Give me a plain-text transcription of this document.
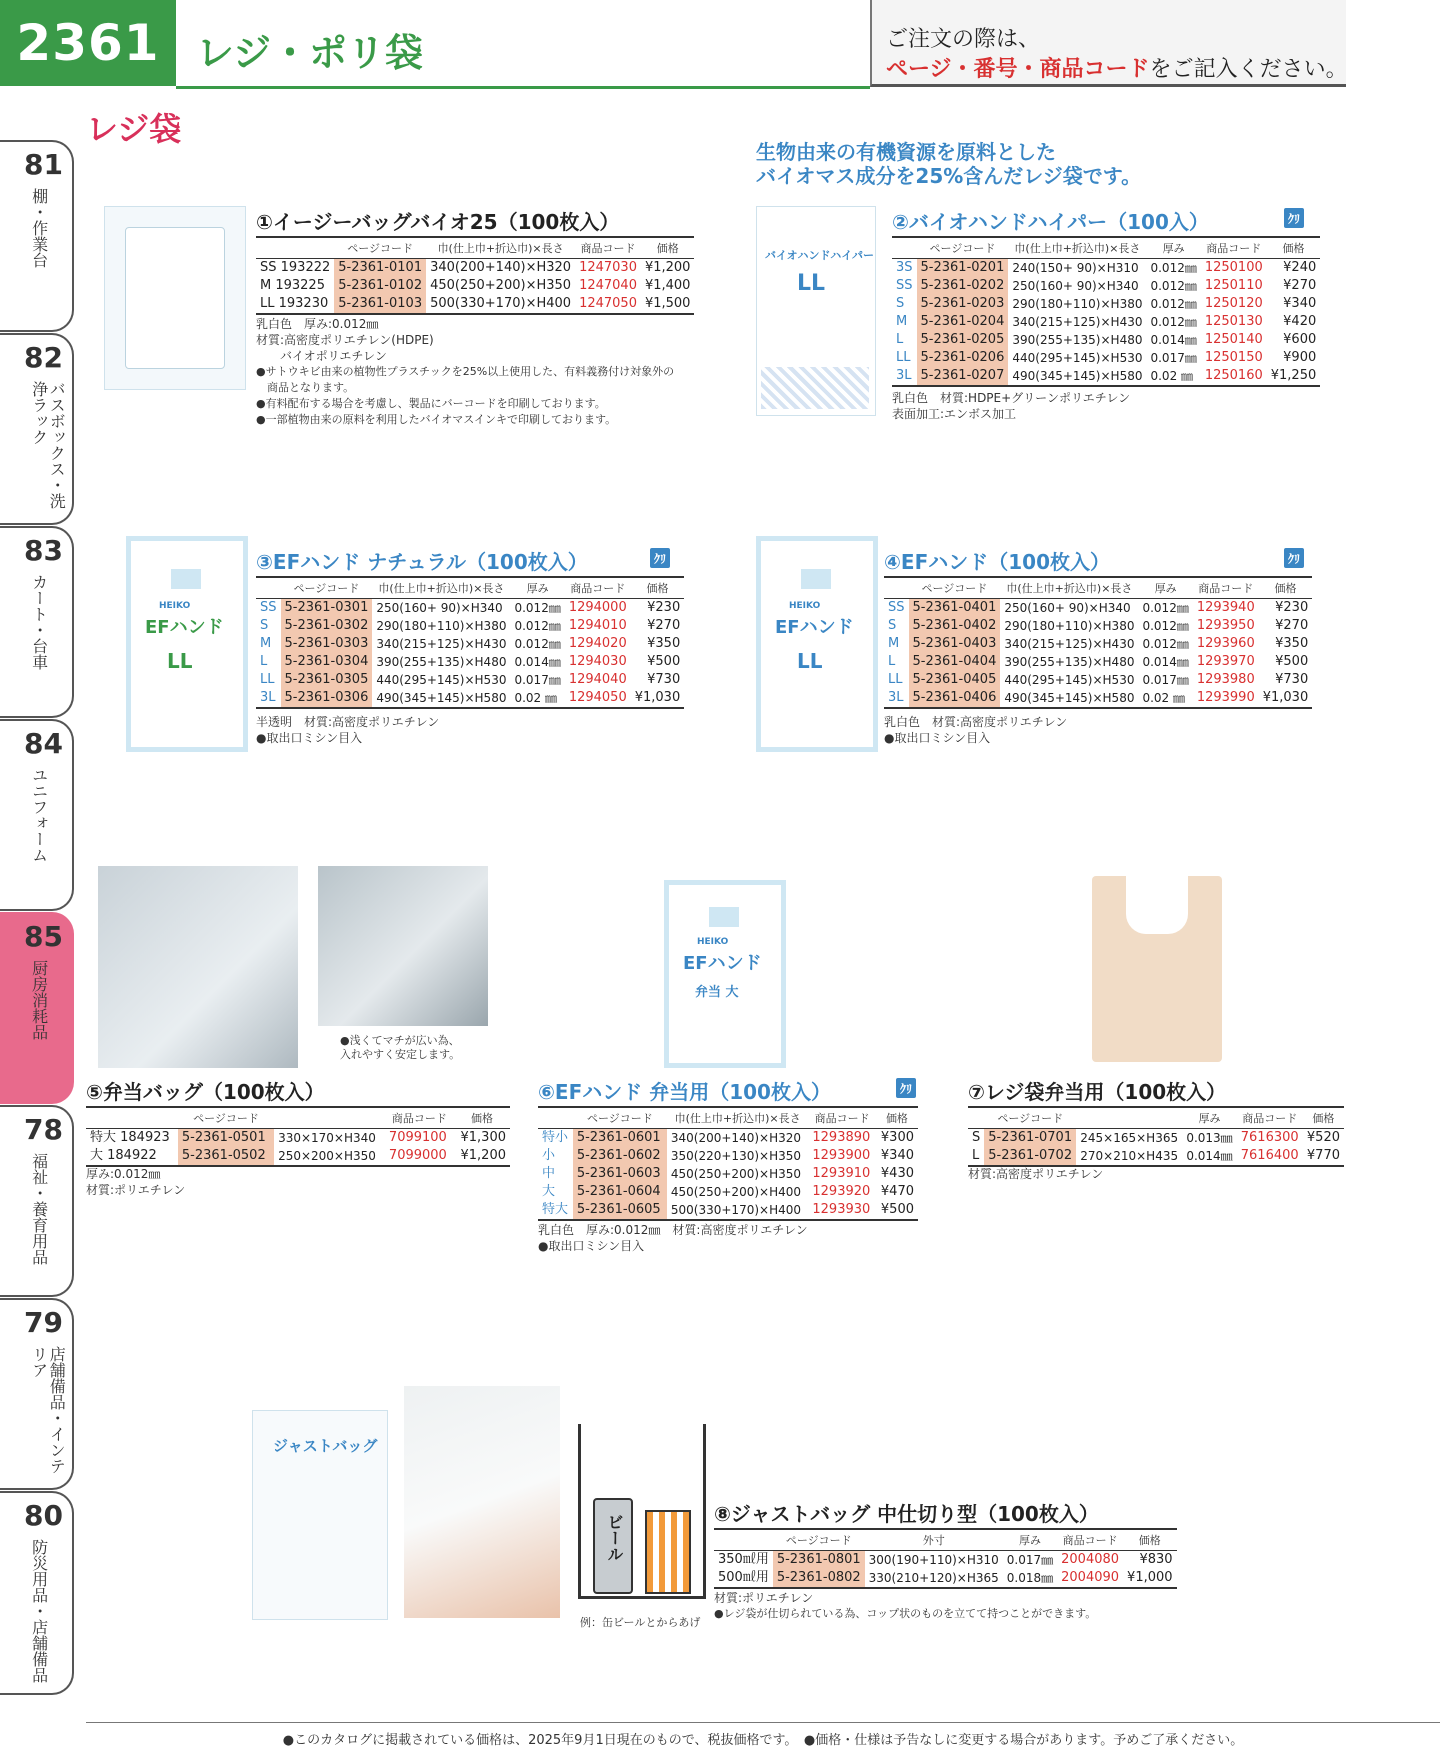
2361 レジ・ポリ袋	ご注文の際は、
ページ・番号・商品コードをご記入ください。
レジ袋
81
棚・作業台
82
バスボックス・洗浄ラック
83
カート・台車
84
ユニフォーム
85
厨房消耗品
78
福祉・養育用品
79
店舗備品・インテリア
80
防災用品・店舗備品
①イージーバッグバイオ25（100枚入）
	ページコード	巾(仕上巾+折込巾)×長さ	商品コード	価格
SS 193222	5-2361-0101	340(200+140)×H320	1247030	¥1,200
M 193225	5-2361-0102	450(250+200)×H350	1247040	¥1,400
LL 193230	5-2361-0103	500(330+170)×H400	1247050	¥1,500
乳白色　厚み:0.012㎜
材質:高密度ポリエチレン(HDPE)
　　バイオポリエチレン
●サトウキビ由来の植物性プラスチックを25%以上使用した、有料義務付け対象外の
　商品となります。
●有料配布する場合を考慮し、製品にバーコードを印刷しております。
●一部植物由来の原料を利用したバイオマスインキで印刷しております。
生物由来の有機資源を原料とした
バイオマス成分を25%含んだレジ袋です。
バイオハンドハイパー
LL
②バイオハンドハイパー（100入）	ｸﾘ
	ページコード	巾(仕上巾+折込巾)×長さ	厚み	商品コード	価格
3S	5-2361-0201	240(150+ 90)×H310	0.012㎜	1250100	¥240
SS	5-2361-0202	250(160+ 90)×H340	0.012㎜	1250110	¥270
S	5-2361-0203	290(180+110)×H380	0.012㎜	1250120	¥340
M	5-2361-0204	340(215+125)×H430	0.012㎜	1250130	¥420
L	5-2361-0205	390(255+135)×H480	0.014㎜	1250140	¥600
LL	5-2361-0206	440(295+145)×H530	0.017㎜	1250150	¥900
3L	5-2361-0207	490(345+145)×H580	0.02 ㎜	1250160	¥1,250
乳白色　材質:HDPE+グリーンポリエチレン
表面加工:エンボス加工
HEIKO
EFハンド
LL
③EFハンド ナチュラル（100枚入）	ｸﾘ
	ページコード	巾(仕上巾+折込巾)×長さ	厚み	商品コード	価格
SS	5-2361-0301	250(160+ 90)×H340	0.012㎜	1294000	¥230
S	5-2361-0302	290(180+110)×H380	0.012㎜	1294010	¥270
M	5-2361-0303	340(215+125)×H430	0.012㎜	1294020	¥350
L	5-2361-0304	390(255+135)×H480	0.014㎜	1294030	¥500
LL	5-2361-0305	440(295+145)×H530	0.017㎜	1294040	¥730
3L	5-2361-0306	490(345+145)×H580	0.02 ㎜	1294050	¥1,030
半透明　材質:高密度ポリエチレン
●取出口ミシン目入
HEIKO
EFハンド
LL
④EFハンド（100枚入）	ｸﾘ
	ページコード	巾(仕上巾+折込巾)×長さ	厚み	商品コード	価格
SS	5-2361-0401	250(160+ 90)×H340	0.012㎜	1293940	¥230
S	5-2361-0402	290(180+110)×H380	0.012㎜	1293950	¥270
M	5-2361-0403	340(215+125)×H430	0.012㎜	1293960	¥350
L	5-2361-0404	390(255+135)×H480	0.014㎜	1293970	¥500
LL	5-2361-0405	440(295+145)×H530	0.017㎜	1293980	¥730
3L	5-2361-0406	490(345+145)×H580	0.02 ㎜	1293990	¥1,030
乳白色　材質:高密度ポリエチレン
●取出口ミシン目入
●浅くてマチが広い為、
入れやすく安定します。
⑤弁当バッグ（100枚入）
	ページコード		商品コード	価格
特大 184923	5-2361-0501	330×170×H340	7099100	¥1,300
大 184922	5-2361-0502	250×200×H350	7099000	¥1,200
厚み:0.012㎜
材質:ポリエチレン
HEIKO
EFハンド
弁当 大
⑥EFハンド 弁当用（100枚入）	ｸﾘ
	ページコード	巾(仕上巾+折込巾)×長さ	商品コード	価格
特小	5-2361-0601	340(200+140)×H320	1293890	¥300
小	5-2361-0602	350(220+130)×H350	1293900	¥340
中	5-2361-0603	450(250+200)×H350	1293910	¥430
大	5-2361-0604	450(250+200)×H400	1293920	¥470
特大	5-2361-0605	500(330+170)×H400	1293930	¥500
乳白色　厚み:0.012㎜　材質:高密度ポリエチレン
●取出口ミシン目入
⑦レジ袋弁当用（100枚入）
	ページコード		厚み	商品コード	価格
S	5-2361-0701	245×165×H365	0.013㎜	7616300	¥520
L	5-2361-0702	270×210×H435	0.014㎜	7616400	¥770
材質:高密度ポリエチレン
ジャストバッグ
ビール
例：缶ビールとからあげ
⑧ジャストバッグ 中仕切り型（100枚入）
	ページコード	外寸	厚み	商品コード	価格
350㎖用	5-2361-0801	300(190+110)×H310	0.017㎜	2004080	¥830
500㎖用	5-2361-0802	330(210+120)×H365	0.018㎜	2004090	¥1,000
材質:ポリエチレン
●レジ袋が仕切られている為、コップ状のものを立てて持つことができます。
●このカタログに掲載されている価格は、2025年9月1日現在のもので、税抜価格です。　●価格・仕様は予告なしに変更する場合があります。予めご了承ください。
